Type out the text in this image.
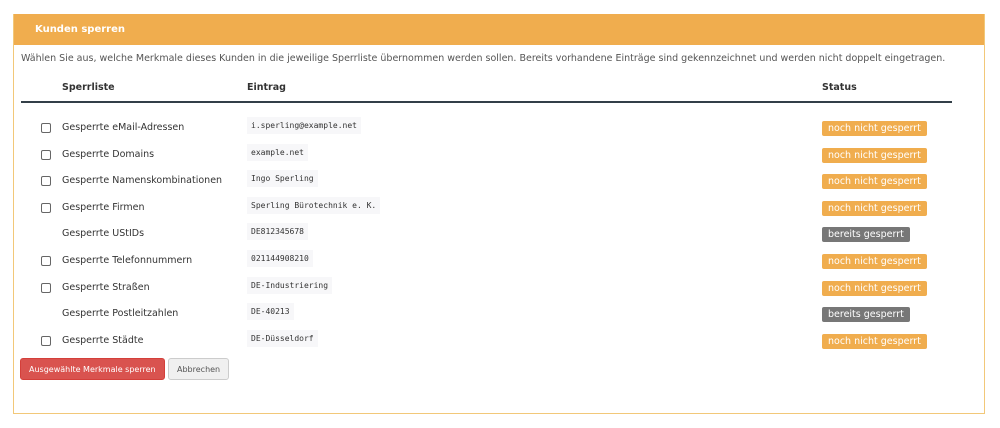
Kunden sperren
Wählen Sie aus, welche Merkmale dieses Kunden in die jeweilige Sperrliste übernommen werden sollen. Bereits vorhandene Einträge sind gekennzeichnet und werden nicht doppelt eingetragen.
Sperrliste	Eintrag	Status
Gesperrte eMail-Adressen	i.sperling@example.net	noch nicht gesperrt
Gesperrte Domains	example.net	noch nicht gesperrt
Gesperrte Namenskombinationen	Ingo Sperling	noch nicht gesperrt
Gesperrte Firmen	Sperling Bürotechnik e. K.	noch nicht gesperrt
Gesperrte UStIDs	DE812345678	bereits gesperrt
Gesperrte Telefonnummern	021144908210	noch nicht gesperrt
Gesperrte Straßen	DE-Industriering	noch nicht gesperrt
Gesperrte Postleitzahlen	DE-40213	bereits gesperrt
Gesperrte Städte	DE-Düsseldorf	noch nicht gesperrt
Ausgewählte Merkmale sperren	Abbrechen
